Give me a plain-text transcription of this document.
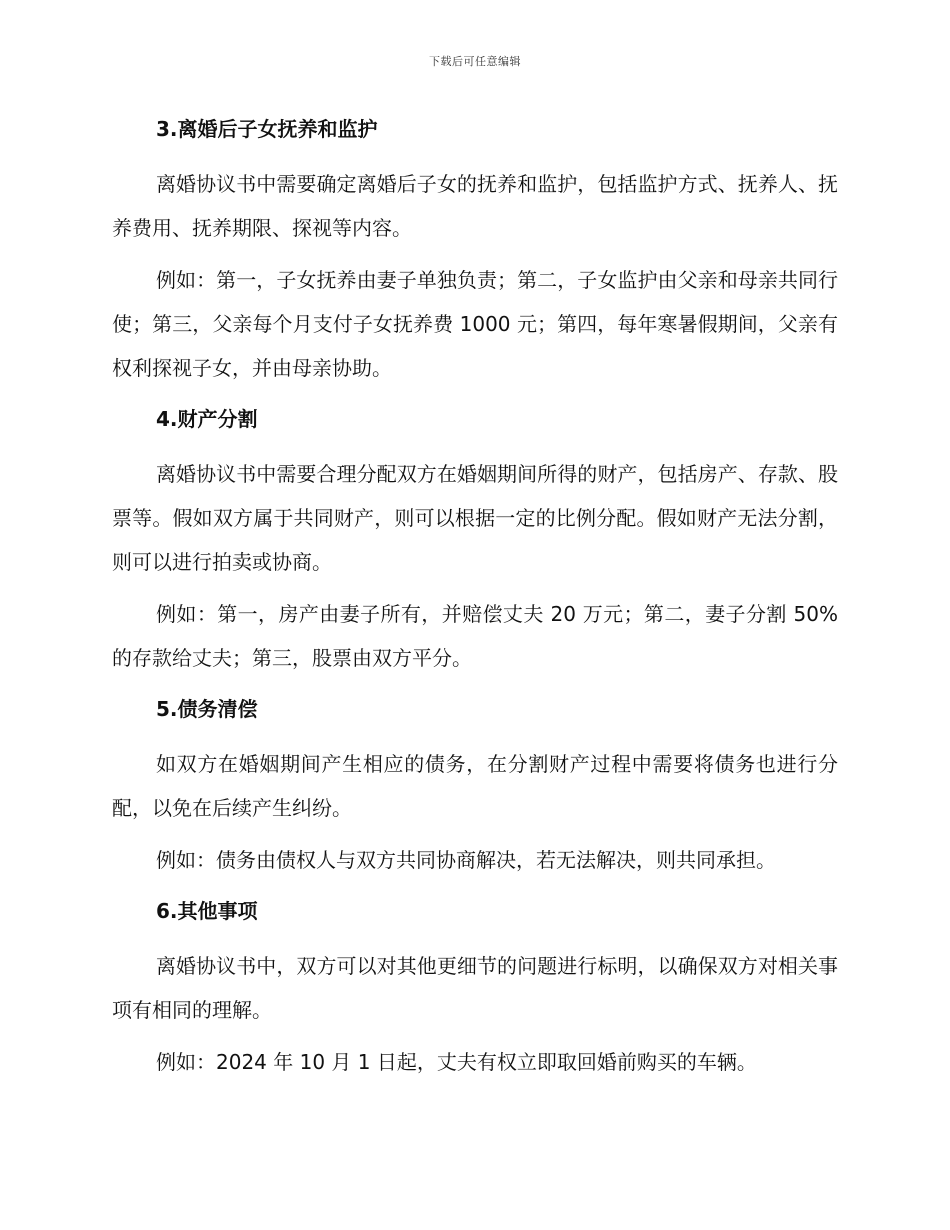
下载后可任意编辑
3.离婚后子女抚养和监护

离婚协议书中需要确定离婚后子女的抚养和监护，包括监护方式、抚养人、抚养费用、抚养期限、探视等内容。

例如：第一，子女抚养由妻子单独负责；第二，子女监护由父亲和母亲共同行使；第三，父亲每个月支付子女抚养费 1000 元；第四，每年寒暑假期间，父亲有权利探视子女，并由母亲协助。

4.财产分割

离婚协议书中需要合理分配双方在婚姻期间所得的财产，包括房产、存款、股票等。假如双方属于共同财产，则可以根据一定的比例分配。假如财产无法分割，则可以进行拍卖或协商。

例如：第一，房产由妻子所有，并赔偿丈夫 20 万元；第二，妻子分割 50%的存款给丈夫；第三，股票由双方平分。

5.债务清偿

如双方在婚姻期间产生相应的债务，在分割财产过程中需要将债务也进行分配，以免在后续产生纠纷。

例如：债务由债权人与双方共同协商解决，若无法解决，则共同承担。

6.其他事项

离婚协议书中，双方可以对其他更细节的问题进行标明，以确保双方对相关事项有相同的理解。

例如：2024 年 10 月 1 日起，丈夫有权立即取回婚前购买的车辆。
